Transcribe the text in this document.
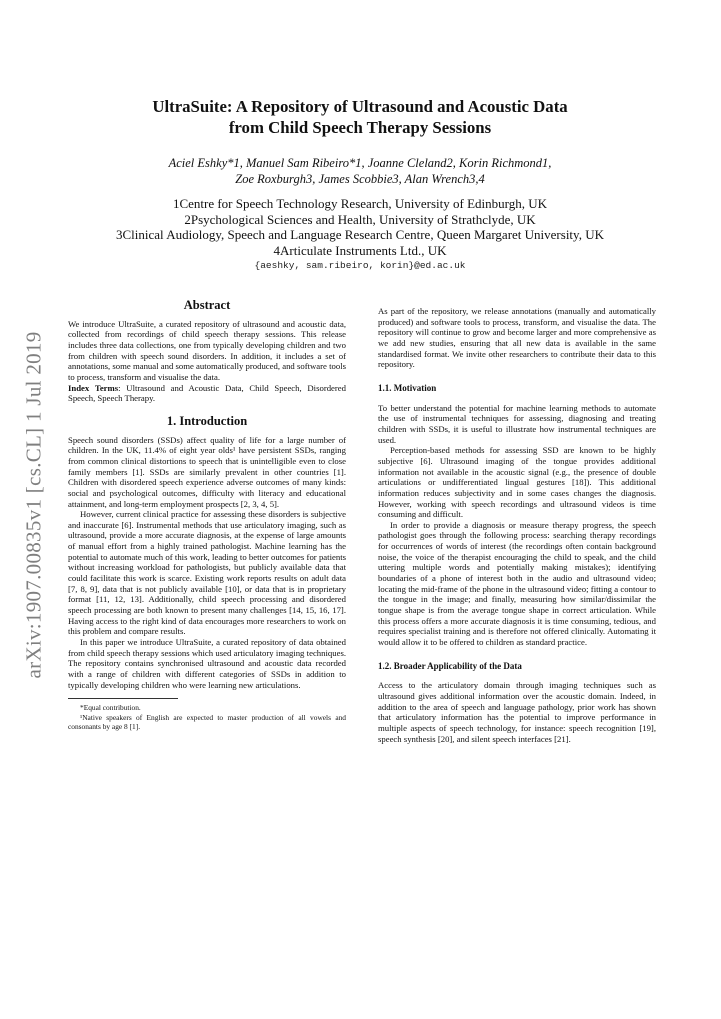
arXiv:1907.00835v1 [cs.CL] 1 Jul 2019
UltraSuite: A Repository of Ultrasound and Acoustic Data
from Child Speech Therapy Sessions
Aciel Eshky*1, Manuel Sam Ribeiro*1, Joanne Cleland2, Korin Richmond1,
Zoe Roxburgh3, James Scobbie3, Alan Wrench3,4
1Centre for Speech Technology Research, University of Edinburgh, UK
2Psychological Sciences and Health, University of Strathclyde, UK
3Clinical Audiology, Speech and Language Research Centre, Queen Margaret University, UK
4Articulate Instruments Ltd., UK
{aeshky, sam.ribeiro, korin}@ed.ac.uk
Abstract

We introduce UltraSuite, a curated repository of ultrasound and acoustic data, collected from recordings of child speech therapy sessions. This release includes three data collections, one from typically developing children and two from children with speech sound disorders. In addition, it includes a set of annotations, some manual and some automatically produced, and software tools to process, transform and visualise the data.

Index Terms: Ultrasound and Acoustic Data, Child Speech, Disordered Speech, Speech Therapy.

1. Introduction

Speech sound disorders (SSDs) affect quality of life for a large number of children. In the UK, 11.4% of eight year olds¹ have persistent SSDs, ranging from common clinical distortions to speech that is unintelligible even to close family members [1]. SSDs are similarly prevalent in other countries [1]. Children with disordered speech experience adverse outcomes of many kinds: social and psychological outcomes, difficulty with literacy and educational attainment, and long-term employment prospects [2, 3, 4, 5].

However, current clinical practice for assessing these disorders is subjective and inaccurate [6]. Instrumental methods that use articulatory imaging, such as ultrasound, provide a more accurate diagnosis, at the expense of large amounts of manual effort from a highly trained pathologist. Machine learning has the potential to automate much of this work, leading to better outcomes for patients without increasing workload for pathologists, but publicly available data that could facilitate this work is scarce. Existing work reports results on adult data [7, 8, 9], data that is not publicly available [10], or data that is in proprietary format [11, 12, 13]. Additionally, child speech processing and disordered speech processing are both known to present many challenges [14, 15, 16, 17]. Having access to the right kind of data encourages more researchers to work on this problem and compare results.

In this paper we introduce UltraSuite, a curated repository of data obtained from child speech therapy sessions which used articulatory imaging techniques. The repository contains synchronised ultrasound and acoustic data recorded with a range of children with different categories of SSDs in addition to typically developing children who were learning new articulations.

*Equal contribution.
¹Native speakers of English are expected to master production of all vowels and consonants by age 8 [1].

As part of the repository, we release annotations (manually and automatically produced) and software tools to process, transform, and visualise the data. The repository will continue to grow and become larger and more comprehensive as we add new studies, ensuring that all new data is available in the same standardised format. We invite other researchers to contribute their data to this repository.

1.1. Motivation

To better understand the potential for machine learning methods to automate the use of instrumental techniques for assessing, diagnosing and treating children with SSDs, it is useful to illustrate how instrumental techniques are used.

Perception-based methods for assessing SSD are known to be highly subjective [6]. Ultrasound imaging of the tongue provides additional information not available in the acoustic signal (e.g., the presence of double articulations or undifferentiated lingual gestures [18]). This additional information reduces subjectivity and in some cases changes the diagnosis. However, working with speech recordings and ultrasound videos is time consuming and difficult.

In order to provide a diagnosis or measure therapy progress, the speech pathologist goes through the following process: searching therapy recordings for occurrences of words of interest (the recordings often contain background noise, the voice of the therapist encouraging the child to speak, and the child uttering multiple words and potentially making mistakes); identifying boundaries of a phone of interest both in the audio and ultrasound video; locating the mid-frame of the phone in the ultrasound video; fitting a contour to the tongue in the image; and finally, measuring how similar/dissimilar the tongue shape is from the average tongue shape in correct articulation. While this process offers a more accurate diagnosis it is time consuming, tedious, and requires specialist training and is therefore not offered clinically. Automating it would allow it to be offered to children as standard practice.

1.2. Broader Applicability of the Data

Access to the articulatory domain through imaging techniques such as ultrasound gives additional information over the acoustic domain. Indeed, in addition to the area of speech and language pathology, prior work has shown that articulatory information has the potential to improve performance in multiple aspects of speech technology, for instance: speech recognition [19], speech synthesis [20], and silent speech interfaces [21].
